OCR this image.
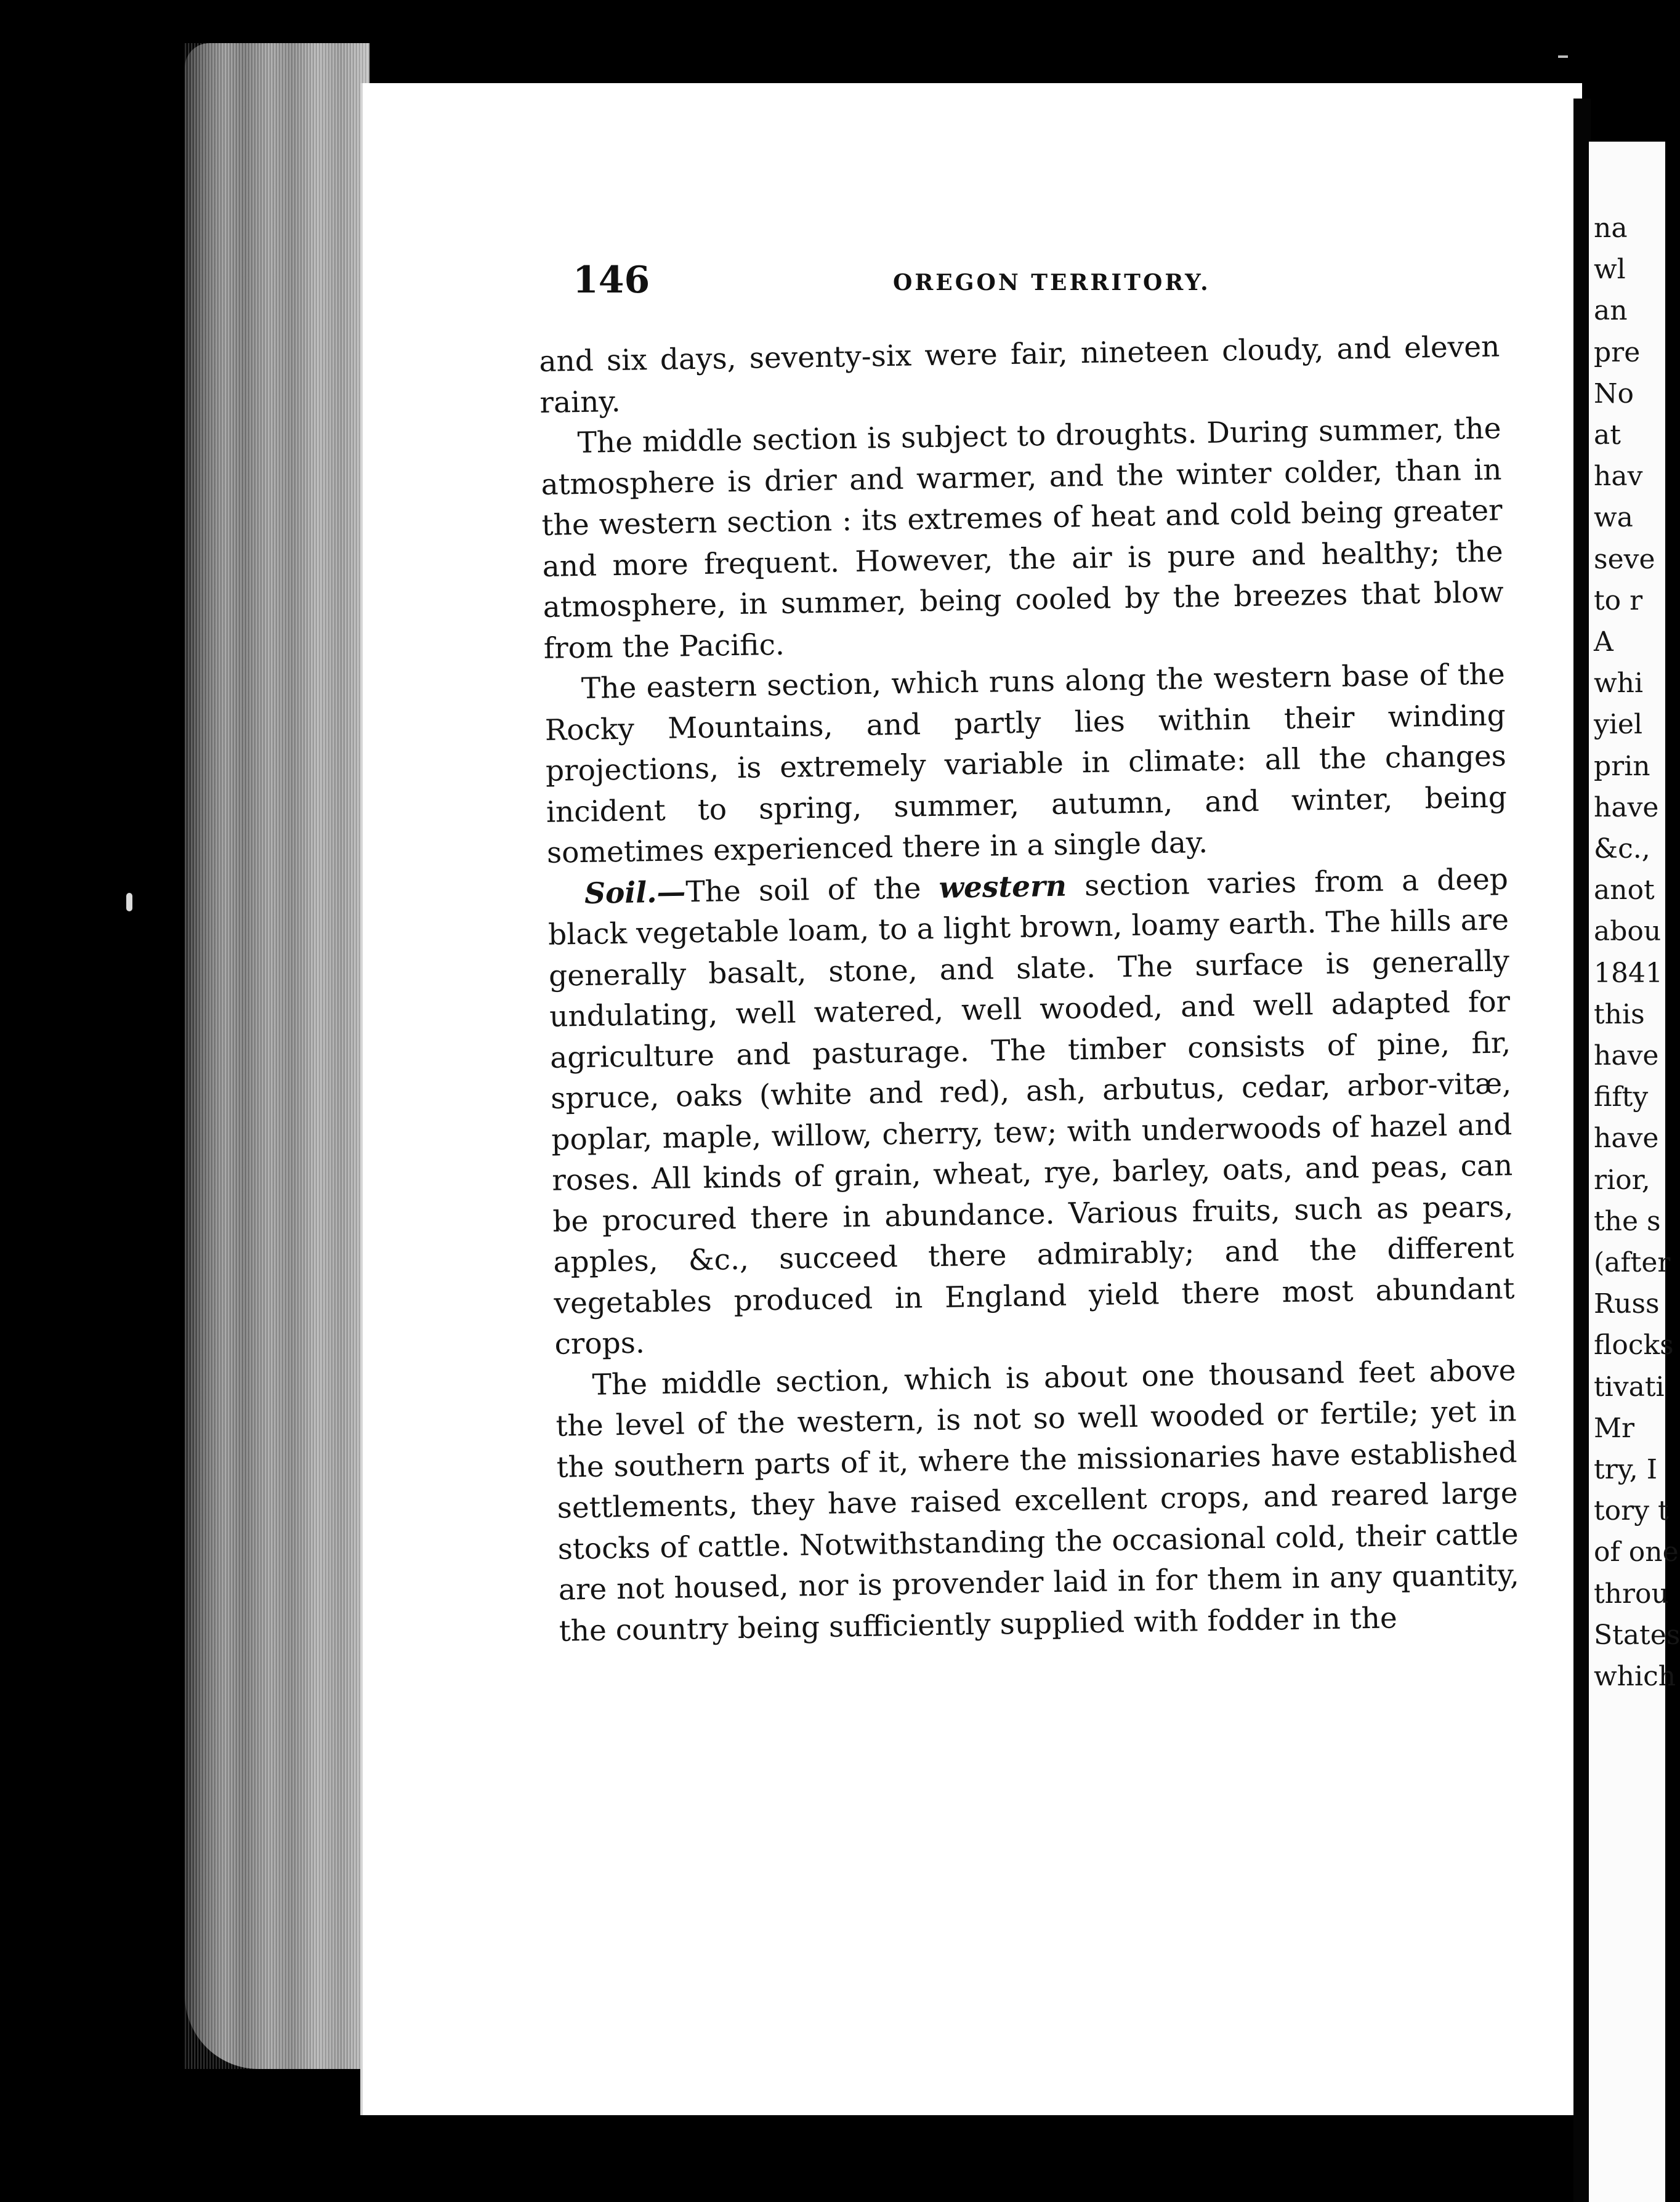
146	OREGON TERRITORY.

and six days, seventy-six were fair, nineteen cloudy, and eleven rainy.

The middle section is subject to droughts. During summer, the atmosphere is drier and warmer, and the winter colder, than in the western section : its extremes of heat and cold being greater and more frequent. However, the air is pure and healthy; the atmosphere, in summer, being cooled by the breezes that blow from the Pacific.

The eastern section, which runs along the western base of the Rocky Mountains, and partly lies within their winding projections, is extremely variable in climate: all the changes incident to spring, summer, autumn, and winter, being sometimes experienced there in a single day.

Soil.—The soil of the western section varies from a deep black vegetable loam, to a light brown, loamy earth. The hills are generally basalt, stone, and slate. The surface is generally undulating, well watered, well wooded, and well adapted for agriculture and pasturage. The timber consists of pine, fir, spruce, oaks (white and red), ash, arbutus, cedar, arbor-vitæ, poplar, maple, willow, cherry, tew; with underwoods of hazel and roses. All kinds of grain, wheat, rye, barley, oats, and peas, can be procured there in abundance. Various fruits, such as pears, apples, &c., succeed there admirably; and the different vegetables produced in England yield there most abundant crops.

The middle section, which is about one thousand feet above the level of the western, is not so well wooded or fertile; yet in the southern parts of it, where the missionaries have established settlements, they have raised excellent crops, and reared large stocks of cattle. Notwithstanding the occasional cold, their cattle are not housed, nor is provender laid in for them in any quantity, the country being sufficiently supplied with fodder in the

na
wl
an
pre
No
at
hav
wa
seve
to r
A
whi
yiel
prin
have
&c.,
anot
abou
1841
this
have
fifty
have
rior,
the s
(after
Russ
flocks
tivati
Mr
try, I
tory t
of one
throu
States
which
